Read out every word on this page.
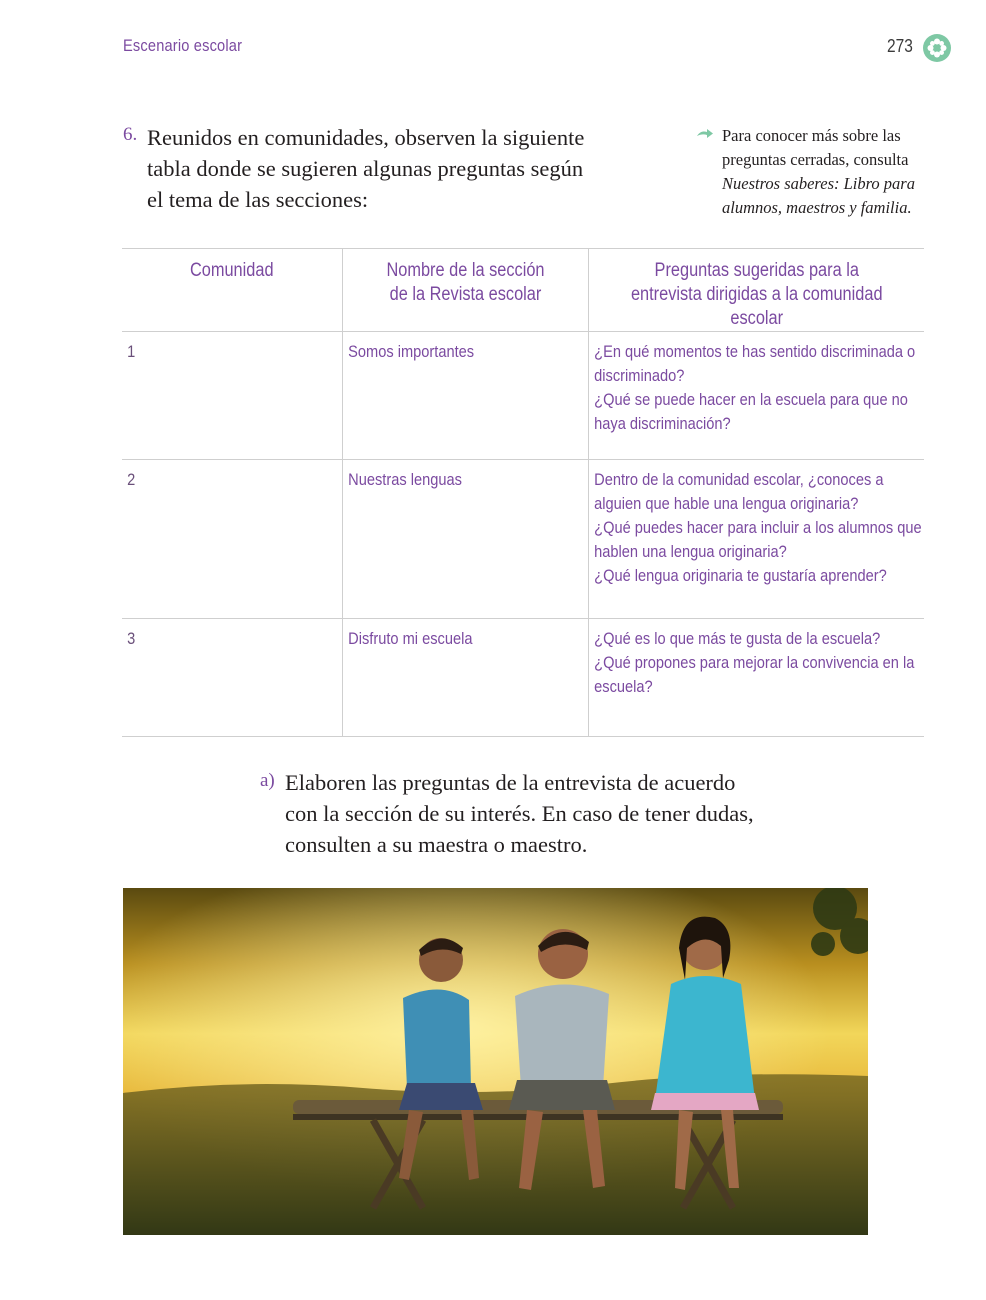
Escenario escolar	273
6. Reunidos en comunidades, observen la siguiente tabla donde se sugieren algunas preguntas según el tema de las secciones:
Para conocer más sobre las preguntas cerradas, consulta Nuestros saberes: Libro para alumnos, maestros y familia.
Comunidad	Nombre de la sección de la Revista escolar	Preguntas sugeridas para la entrevista dirigidas a la comunidad escolar

1	Somos importantes	¿En qué momentos te has sentido discriminada o discriminado?
¿Qué se puede hacer en la escuela para que no haya discriminación?

2	Nuestras lenguas	Dentro de la comunidad escolar, ¿conoces a alguien que hable una lengua originaria?
¿Qué puedes hacer para incluir a los alumnos que hablen una lengua originaria?
¿Qué lengua originaria te gustaría aprender?

3	Disfruto mi escuela	¿Qué es lo que más te gusta de la escuela?
¿Qué propones para mejorar la convivencia en la escuela?
a) Elaboren las preguntas de la entrevista de acuerdo con la sección de su interés. En caso de tener dudas, consulten a su maestra o maestro.
